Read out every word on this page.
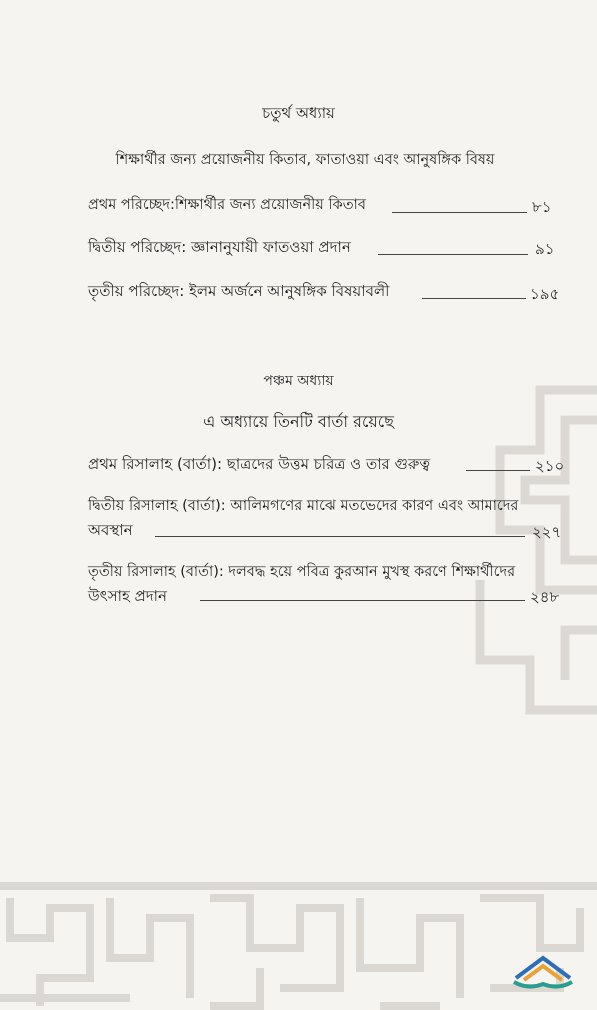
চতুর্থ অধ্যায়
শিক্ষার্থীর জন্য প্রয়োজনীয় কিতাব, ফাতাওয়া এবং আনুষঙ্গিক বিষয়
প্রথম পরিচ্ছেদ:শিক্ষার্থীর জন্য প্রয়োজনীয় কিতাব	৮১
দ্বিতীয় পরিচ্ছেদ: জ্ঞানানুযায়ী ফাতওয়া প্রদান	৯১
তৃতীয় পরিচ্ছেদ: ইলম অর্জনে আনুষঙ্গিক বিষয়াবলী	১৯৫
পঞ্চম অধ্যায়
এ অধ্যায়ে তিনটি বার্তা রয়েছে
প্রথম রিসালাহ (বার্তা): ছাত্রদের উত্তম চরিত্র ও তার গুরুত্ব	২১০
দ্বিতীয় রিসালাহ (বার্তা): আলিমগণের মাঝে মতভেদের কারণ এবং আমাদের
অবস্থান	২২৭
তৃতীয় রিসালাহ (বার্তা): দলবদ্ধ হয়ে পবিত্র কুরআন মুখস্থ করণে শিক্ষার্থীদের
উৎসাহ প্রদান	২৪৮
